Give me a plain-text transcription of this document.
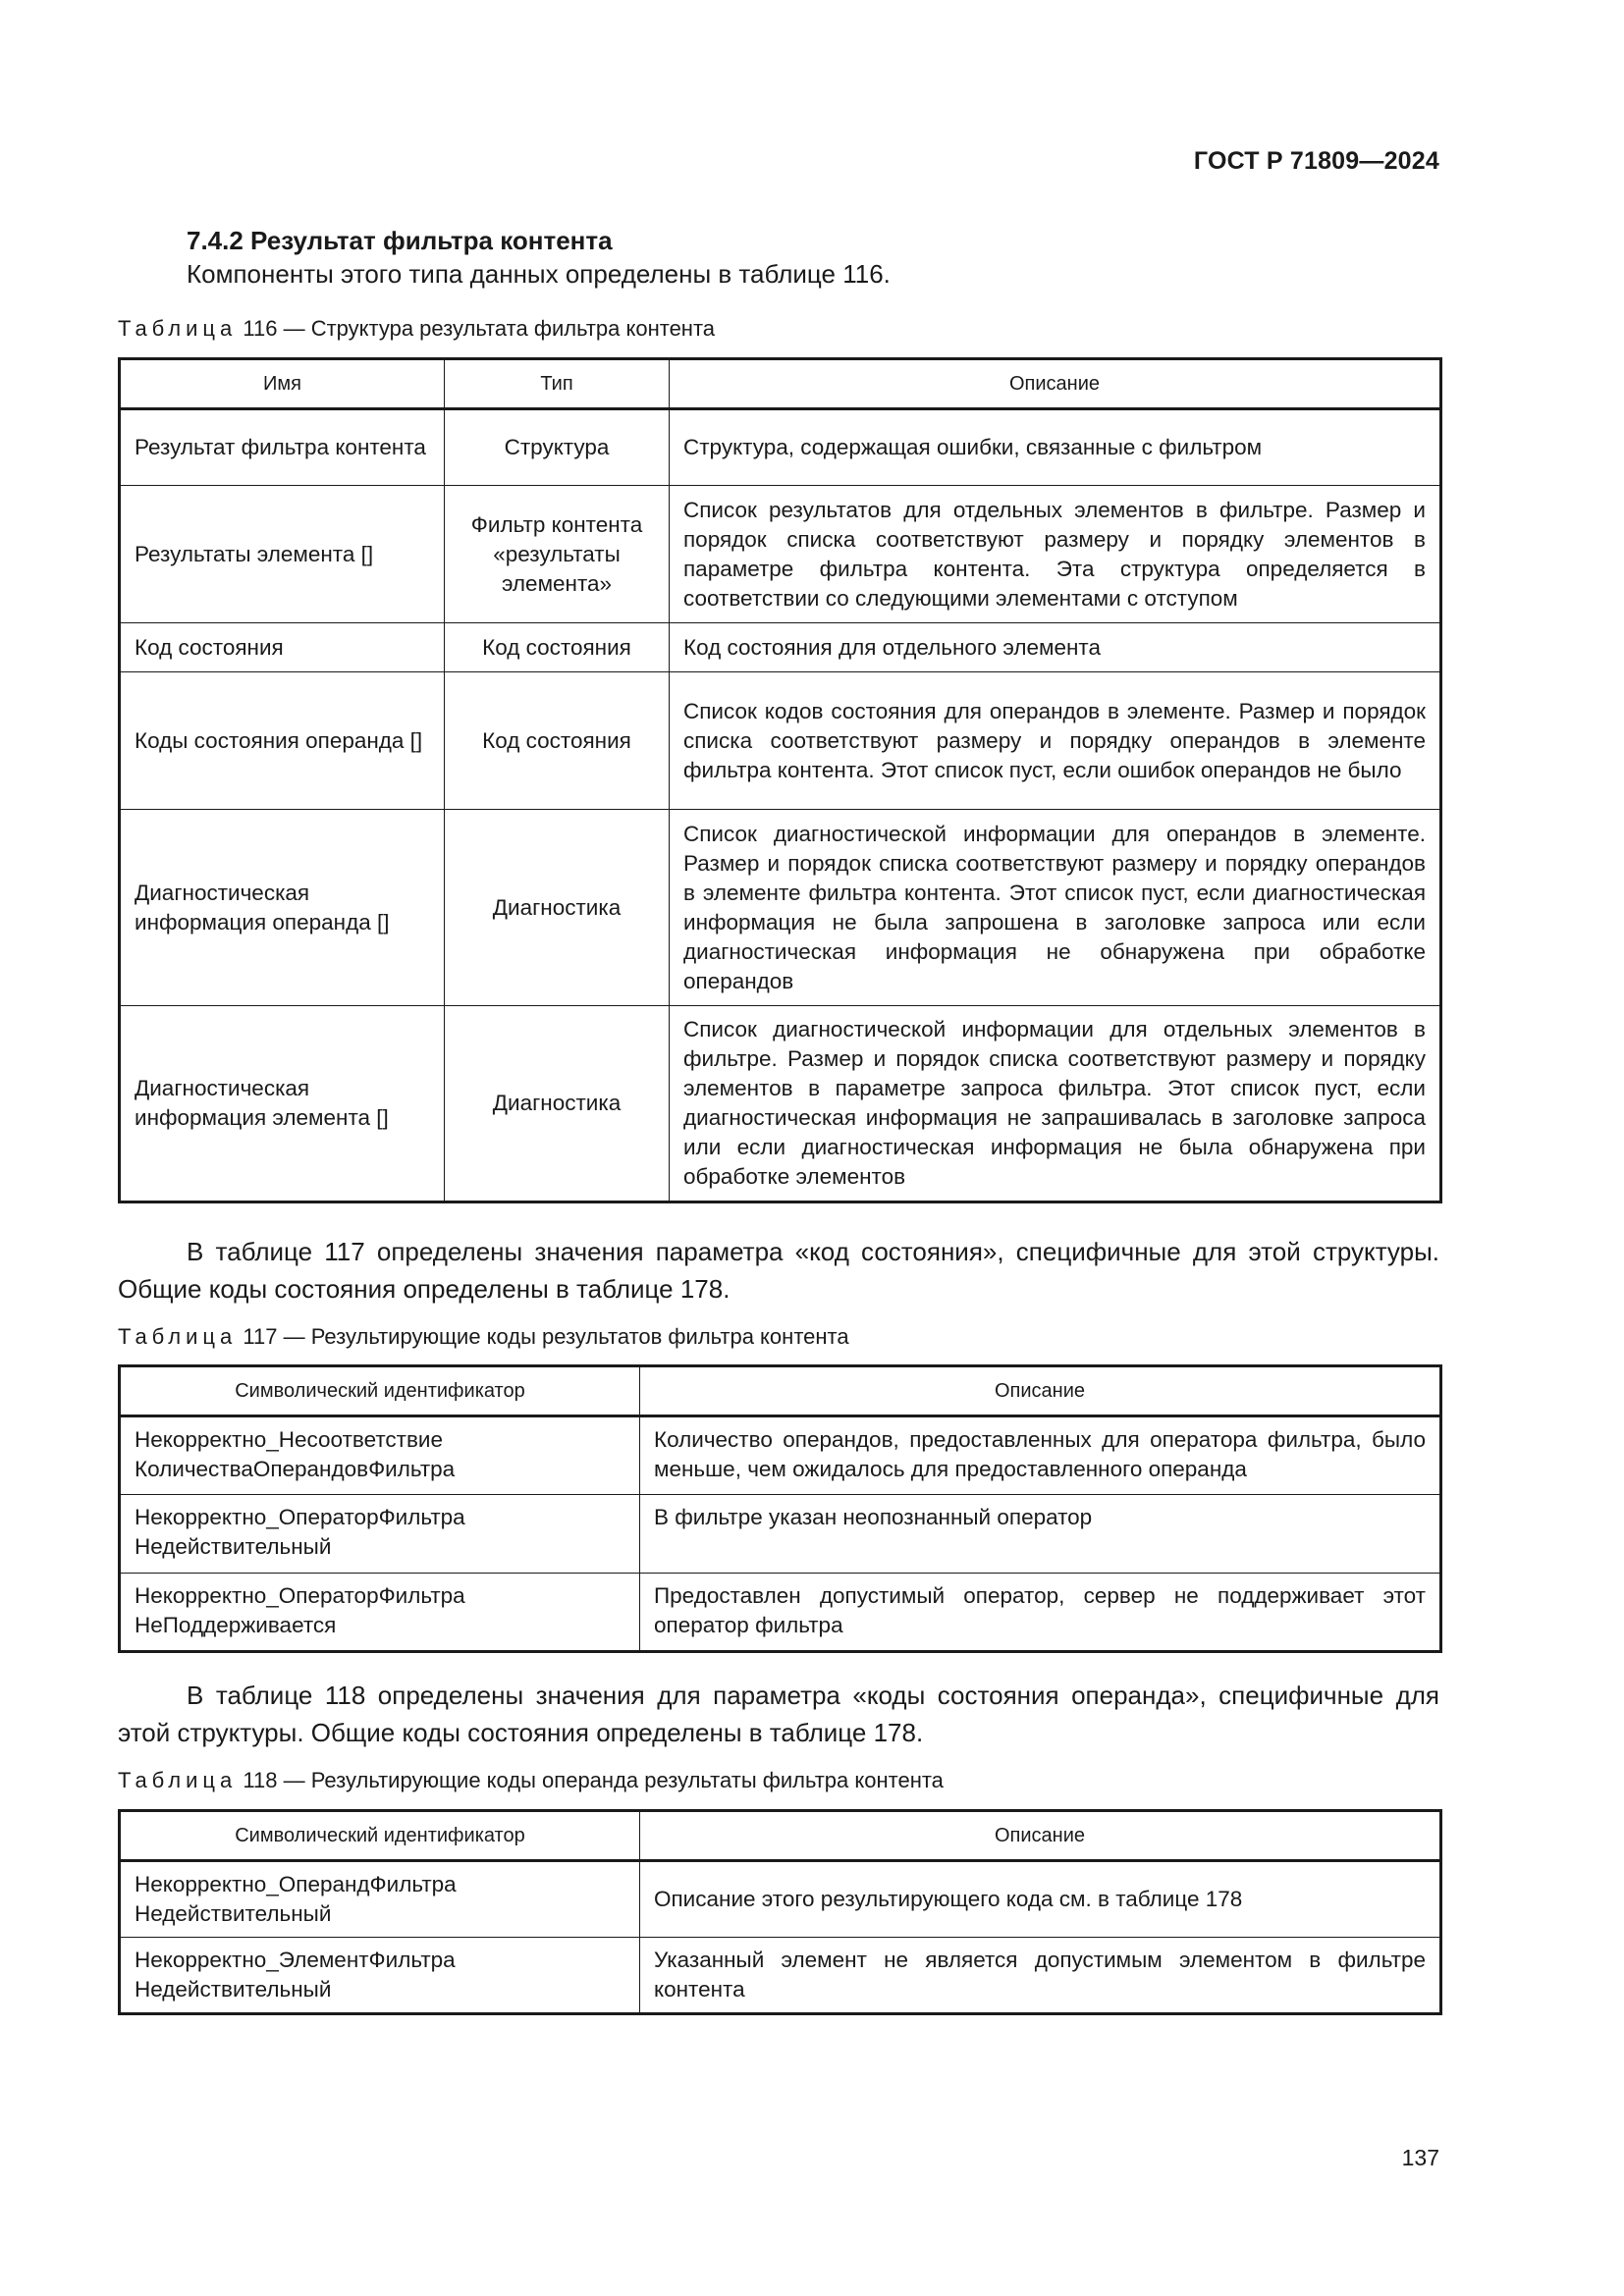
ГОСТ Р 71809—2024
7.4.2 Результат фильтра контента
Компоненты этого типа данных определены в таблице 116.
Таблица 116 — Структура результата фильтра контента
Имя	Тип	Описание
Результат фильтра контента	Структура	Структура, содержащая ошибки, связанные с фильтром
Результаты элемента []	Фильтр контента «результаты элемента»	Список результатов для отдельных элементов в фильтре. Размер и порядок списка соответствуют размеру и порядку элементов в параметре фильтра контента. Эта структура определяется в соответствии со следующими элементами с отступом
Код состояния	Код состояния	Код состояния для отдельного элемента
Коды состояния операнда []	Код состояния	Список кодов состояния для операндов в элементе. Размер и порядок списка соответствуют размеру и порядку операндов в элементе фильтра контента. Этот список пуст, если ошибок операндов не было
Диагностическая информация операнда []	Диагностика	Список диагностической информации для операндов в элементе. Размер и порядок списка соответствуют размеру и порядку операндов в элементе фильтра контента. Этот список пуст, если диагностическая информация не была запрошена в заголовке запроса или если диагностическая информация не обнаружена при обработке операндов
Диагностическая информация элемента []	Диагностика	Список диагностической информации для отдельных элементов в фильтре. Размер и порядок списка соответствуют размеру и порядку элементов в параметре запроса фильтра. Этот список пуст, если диагностическая информация не запрашивалась в заголовке запроса или если диагностическая информация не была обнаружена при обработке элементов
В таблице 117 определены значения параметра «код состояния», специфичные для этой структуры. Общие коды состояния определены в таблице 178.
Таблица 117 — Результирующие коды результатов фильтра контента
Символический идентификатор	Описание

Некорректно_Несоответствие
КоличестваОперандовФильтра	Количество операндов, предоставленных для оператора фильтра, было меньше, чем ожидалось для предоставленного операнда

Некорректно_ОператорФильтра
Недействительный	В фильтре указан неопознанный оператор

Некорректно_ОператорФильтра
НеПоддерживается	Предоставлен допустимый оператор, сервер не поддерживает этот оператор фильтра
В таблице 118 определены значения для параметра «коды состояния операнда», специфичные для этой структуры. Общие коды состояния определены в таблице 178.
Таблица 118 — Результирующие коды операнда результаты фильтра контента
Символический идентификатор	Описание

Некорректно_ОперандФильтра
Недействительный	Описание этого результирующего кода см. в таблице 178

Некорректно_ЭлементФильтра
Недействительный	Указанный элемент не является допустимым элементом в фильтре контента
137
